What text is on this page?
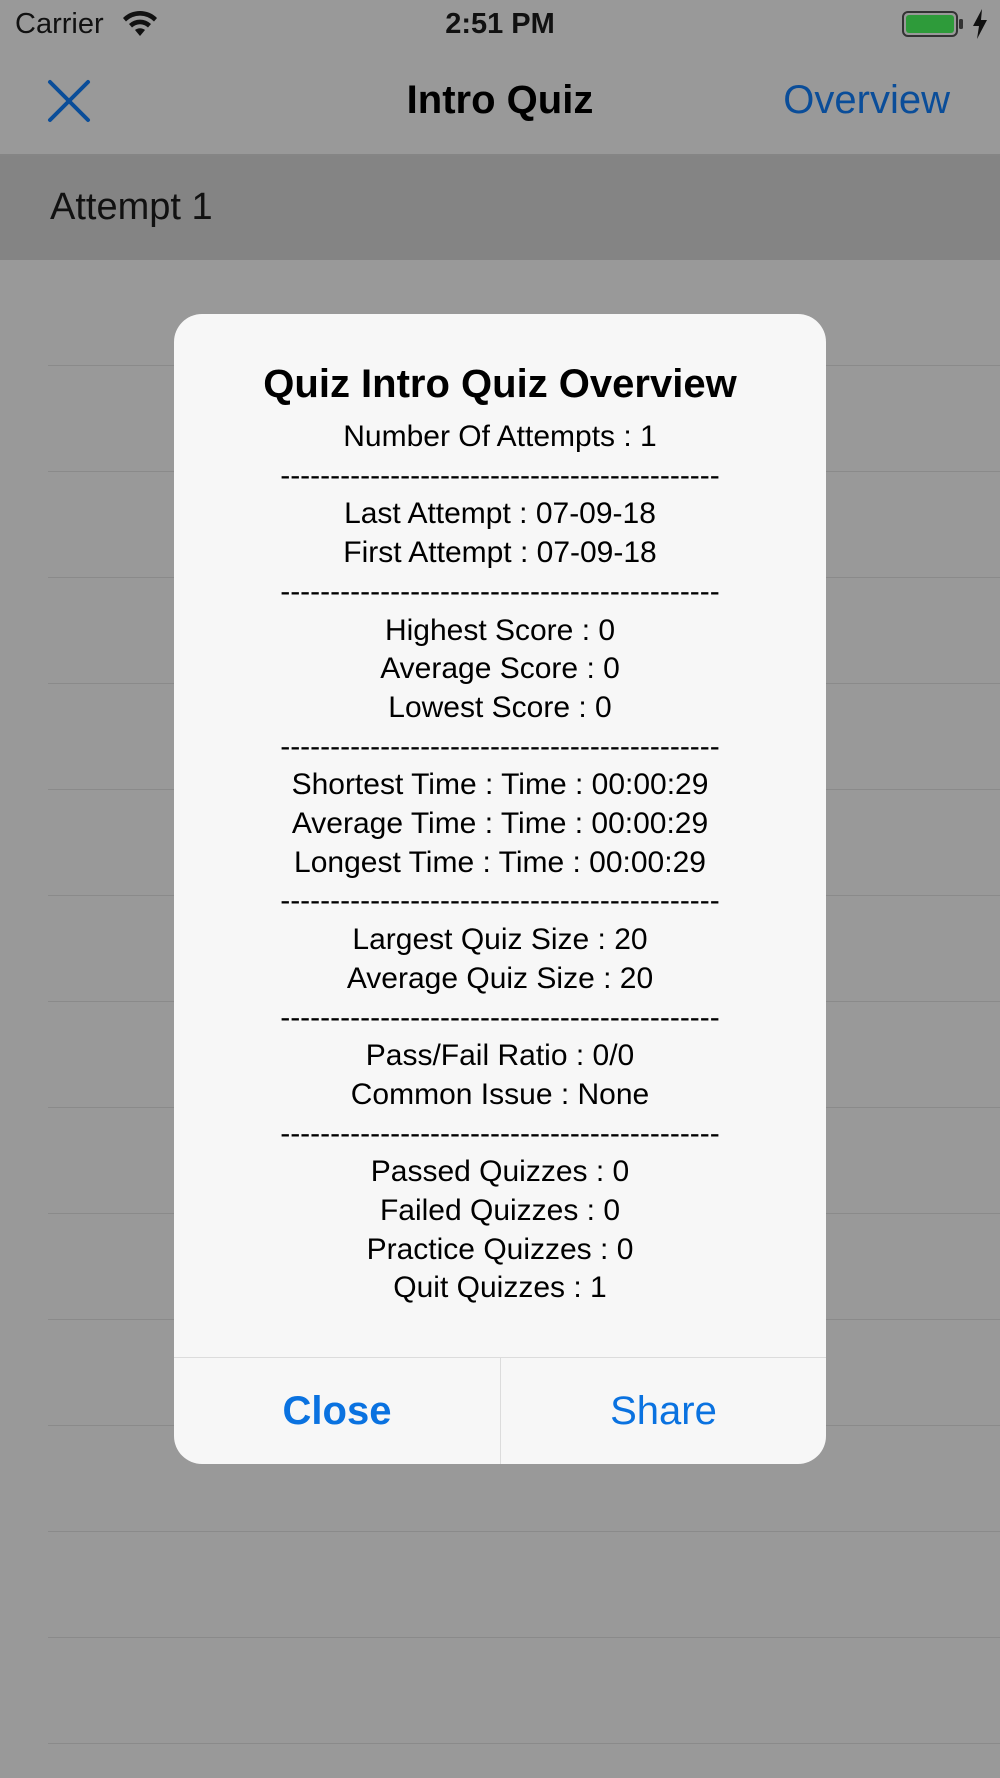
Carrier	2:51 PM
Intro Quiz	Overview
Attempt 1
Quiz Intro Quiz Overview
Number Of Attempts : 1
--------------------------------------------
Last Attempt : 07-09-18
First Attempt : 07-09-18
--------------------------------------------
Highest Score : 0
Average Score : 0
Lowest Score : 0
--------------------------------------------
Shortest Time : Time : 00:00:29
Average Time : Time : 00:00:29
Longest Time : Time : 00:00:29
--------------------------------------------
Largest Quiz Size : 20
Average Quiz Size : 20
--------------------------------------------
Pass/Fail Ratio : 0/0
Common Issue : None
--------------------------------------------
Passed Quizzes : 0
Failed Quizzes : 0
Practice Quizzes : 0
Quit Quizzes : 1
Close	Share
